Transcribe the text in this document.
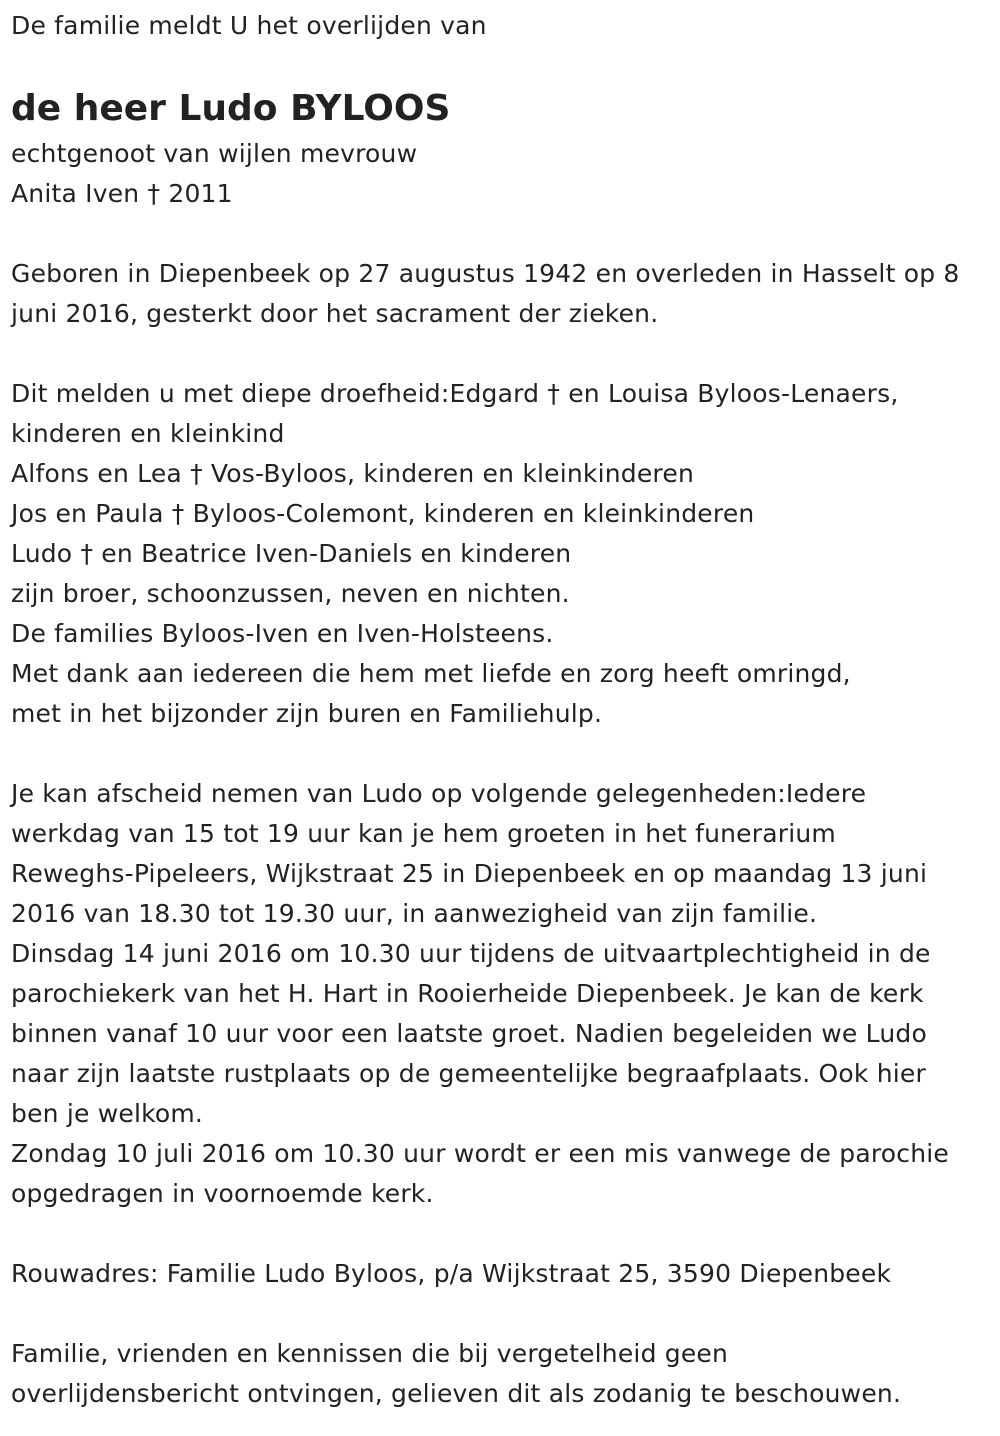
De familie meldt U het overlijden van
de heer Ludo BYLOOS
echtgenoot van wijlen mevrouw
Anita Iven † 2011
Geboren in Diepenbeek op 27 augustus 1942 en overleden in Hasselt op 8
juni 2016, gesterkt door het sacrament der zieken.
Dit melden u met diepe droefheid:Edgard † en Louisa Byloos-Lenaers,
kinderen en kleinkind
Alfons en Lea † Vos-Byloos, kinderen en kleinkinderen
Jos en Paula † Byloos-Colemont, kinderen en kleinkinderen
Ludo † en Beatrice Iven-Daniels en kinderen
zijn broer, schoonzussen, neven en nichten.
De families Byloos-Iven en Iven-Holsteens.
Met dank aan iedereen die hem met liefde en zorg heeft omringd,
met in het bijzonder zijn buren en Familiehulp.
Je kan afscheid nemen van Ludo op volgende gelegenheden:Iedere
werkdag van 15 tot 19 uur kan je hem groeten in het funerarium
Reweghs-Pipeleers, Wijkstraat 25 in Diepenbeek en op maandag 13 juni
2016 van 18.30 tot 19.30 uur, in aanwezigheid van zijn familie.
Dinsdag 14 juni 2016 om 10.30 uur tijdens de uitvaartplechtigheid in de
parochiekerk van het H. Hart in Rooierheide Diepenbeek. Je kan de kerk
binnen vanaf 10 uur voor een laatste groet. Nadien begeleiden we Ludo
naar zijn laatste rustplaats op de gemeentelijke begraafplaats. Ook hier
ben je welkom.
Zondag 10 juli 2016 om 10.30 uur wordt er een mis vanwege de parochie
opgedragen in voornoemde kerk.
Rouwadres: Familie Ludo Byloos, p/a Wijkstraat 25, 3590 Diepenbeek
Familie, vrienden en kennissen die bij vergetelheid geen
overlijdensbericht ontvingen, gelieven dit als zodanig te beschouwen.
